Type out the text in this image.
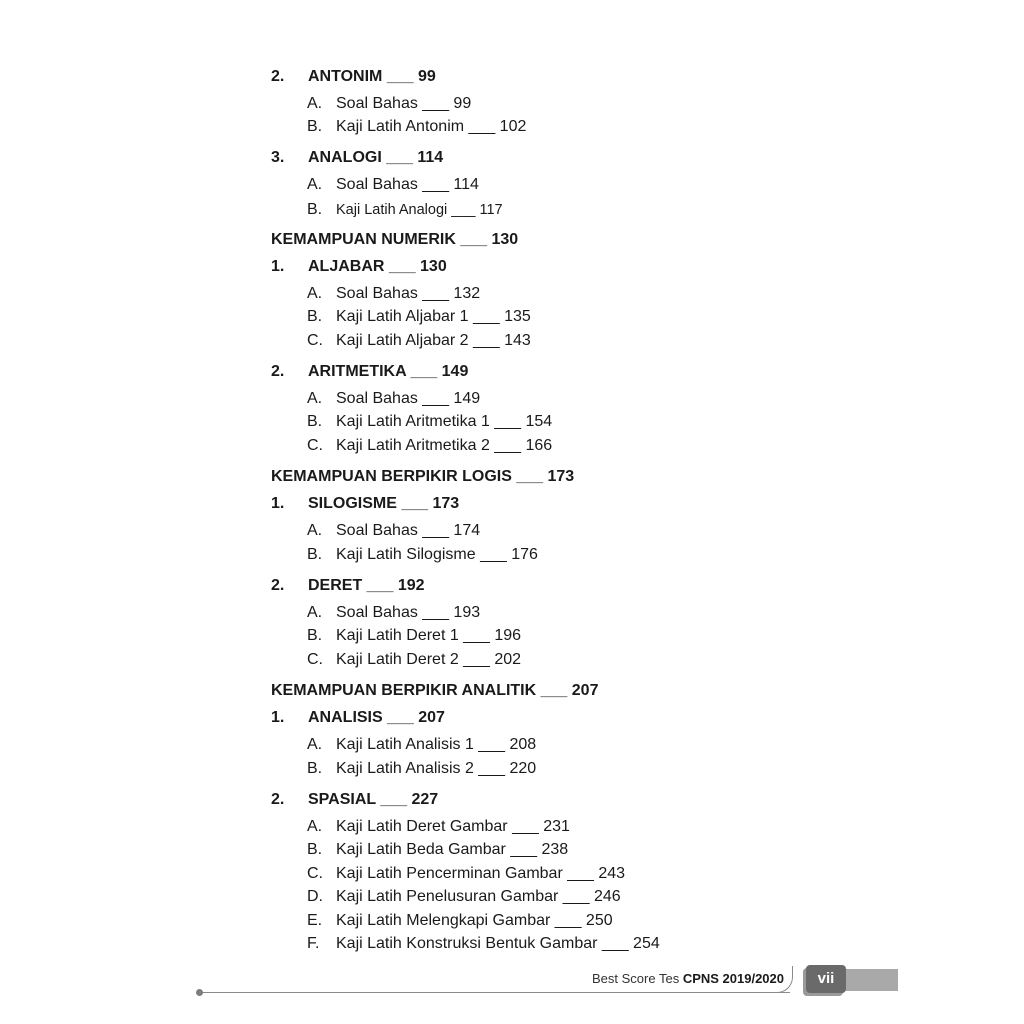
2. ANTONIM ___ 99
A. Soal Bahas ___ 99
B. Kaji Latih Antonim ___ 102
3. ANALOGI ___ 114
A. Soal Bahas ___ 114
B. Kaji Latih Analogi ___ 117
KEMAMPUAN NUMERIK ___ 130
1. ALJABAR ___ 130
A. Soal Bahas ___ 132
B. Kaji Latih Aljabar 1 ___ 135
C. Kaji Latih Aljabar 2 ___ 143
2. ARITMETIKA ___ 149
A. Soal Bahas ___ 149
B. Kaji Latih Aritmetika 1 ___ 154
C. Kaji Latih Aritmetika 2 ___ 166
KEMAMPUAN BERPIKIR LOGIS ___ 173
1. SILOGISME ___ 173
A. Soal Bahas ___ 174
B. Kaji Latih Silogisme ___ 176
2. DERET ___ 192
A. Soal Bahas ___ 193
B. Kaji Latih Deret 1 ___ 196
C. Kaji Latih Deret 2 ___ 202
KEMAMPUAN BERPIKIR ANALITIK ___ 207
1. ANALISIS ___ 207
A. Kaji Latih Analisis 1 ___ 208
B. Kaji Latih Analisis 2 ___ 220
2. SPASIAL ___ 227
A. Kaji Latih Deret Gambar ___ 231
B. Kaji Latih Beda Gambar ___ 238
C. Kaji Latih Pencerminan Gambar ___ 243
D. Kaji Latih Penelusuran Gambar ___ 246
E. Kaji Latih Melengkapi Gambar ___ 250
F. Kaji Latih Konstruksi Bentuk Gambar ___ 254
Best Score Tes CPNS 2019/2020	vii
